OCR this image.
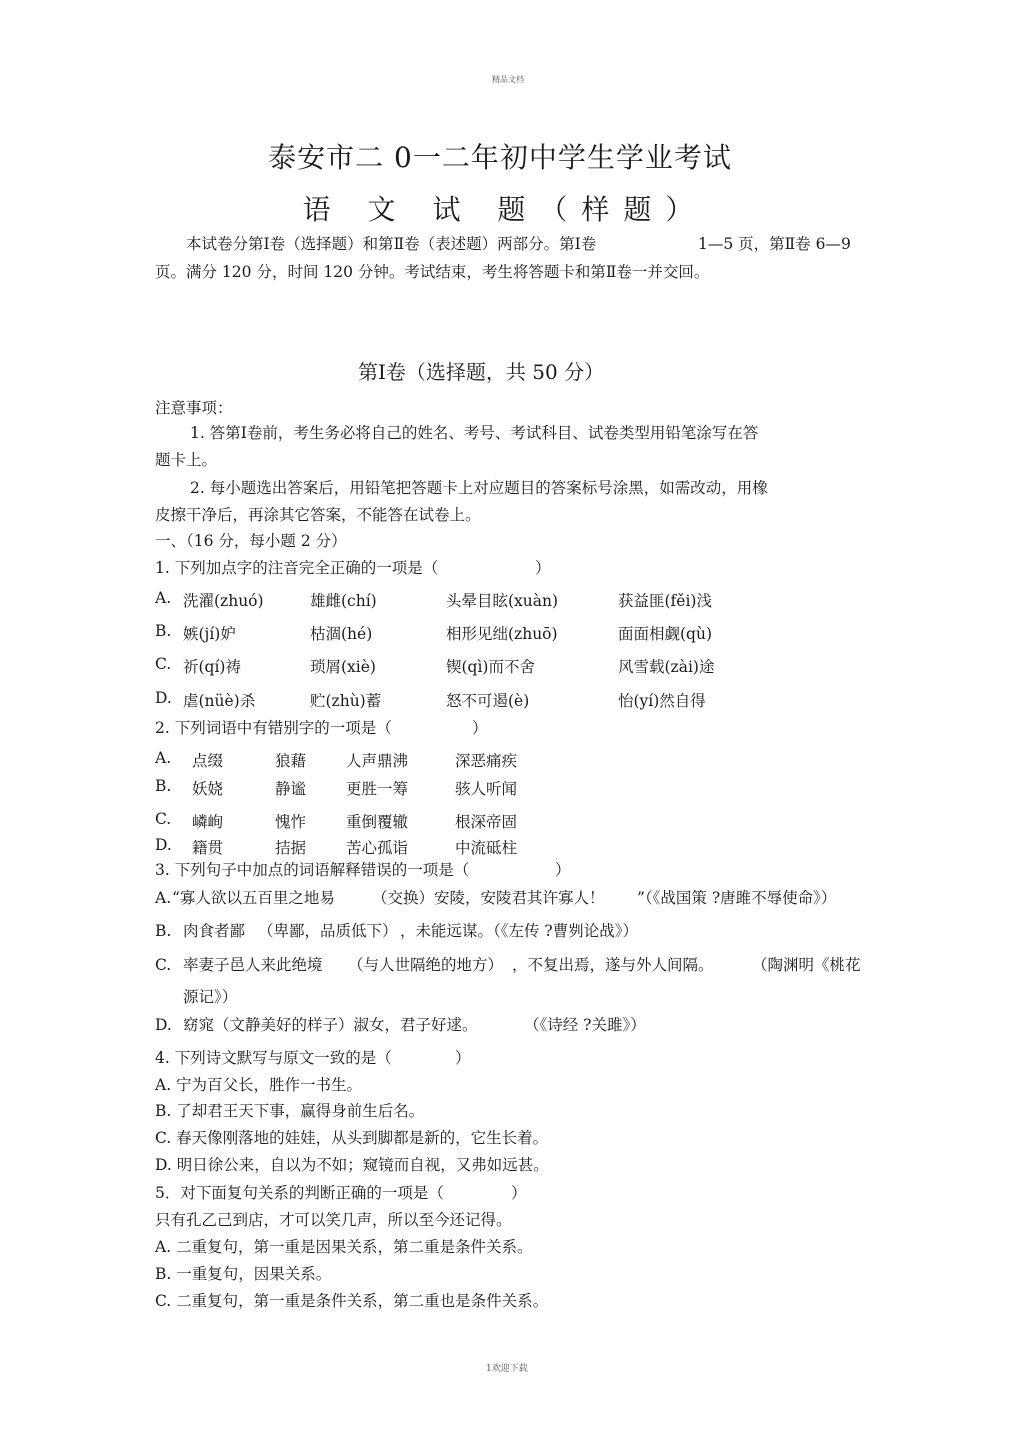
精品文档
泰安市二 0一二年初中学生学业考试
语 文 试 题（样题）
本试卷分第Ⅰ卷（选择题）和第Ⅱ卷（表述题）两部分。第Ⅰ卷	1—5 页，第Ⅱ卷 6—9
页。满分 120 分，时间 120 分钟。考试结束，考生将答题卡和第Ⅱ卷一并交回。
第Ⅰ卷（选择题，共 50 分）
注意事项：
1. 答第Ⅰ卷前，考生务必将自己的姓名、考号、考试科目、试卷类型用铅笔涂写在答
题卡上。
2. 每小题选出答案后，用铅笔把答题卡上对应题目的答案标号涂黑，如需改动，用橡
皮擦干净后，再涂其它答案，不能答在试卷上。
一、（16 分，每小题 2 分）
1. 下列加点字的注音完全正确的一项是（	）
A. 洗濯(zhuó)	雄雌(chí)	头晕目眩(xuàn)	获益匪(fěi)浅
B. 嫉(jí)妒	枯涸(hé)	相形见绌(zhuō)	面面相觑(qù)
C. 祈(qí)祷	琐屑(xiè)	锲(qì)而不舍	风雪载(zài)途
D. 虐(nüè)杀	贮(zhù)蓄	怒不可遏(è)	怡(yí)然自得
2. 下列词语中有错别字的一项是（	）
A. 点缀	狼藉	人声鼎沸	深恶痛疾
B. 妖娆	静谧	更胜一筹	骇人听闻
C. 嶙峋	愧怍	重倒覆辙	根深帝固
D. 籍贯	拮据	苦心孤诣	中流砥柱
3. 下列句子中加点的词语解释错误的一项是（	）
A. “寡人欲以五百里之地易 （交换）安陵，安陵君其许寡人！ ”（《战国策 ?唐雎不辱使命》）
B. 肉食者鄙 （卑鄙，品质低下） ，未能远谋。（《左传 ?曹刿论战》）
C. 率妻子邑人来此绝境 （与人世隔绝的地方） ，不复出焉，遂与外人间隔。 （陶渊明《桃花
源记》）
D. 窈窕（文静美好的样子）淑女，君子好逑。	（《诗经 ?关雎》）
4. 下列诗文默写与原文一致的是（	）
A. 宁为百父长，胜作一书生。
B. 了却君王天下事，赢得身前生后名。
C. 春天像刚落地的娃娃，从头到脚都是新的，它生长着。
D. 明日徐公来，自以为不如；窥镜而自视，又弗如远甚。
5．对下面复句关系的判断正确的一项是（	）
只有孔乙己到店，才可以笑几声，所以至今还记得。
A. 二重复句，第一重是因果关系，第二重是条件关系。
B. 一重复句，因果关系。
C. 二重复句，第一重是条件关系，第二重也是条件关系。
1欢迎下载
